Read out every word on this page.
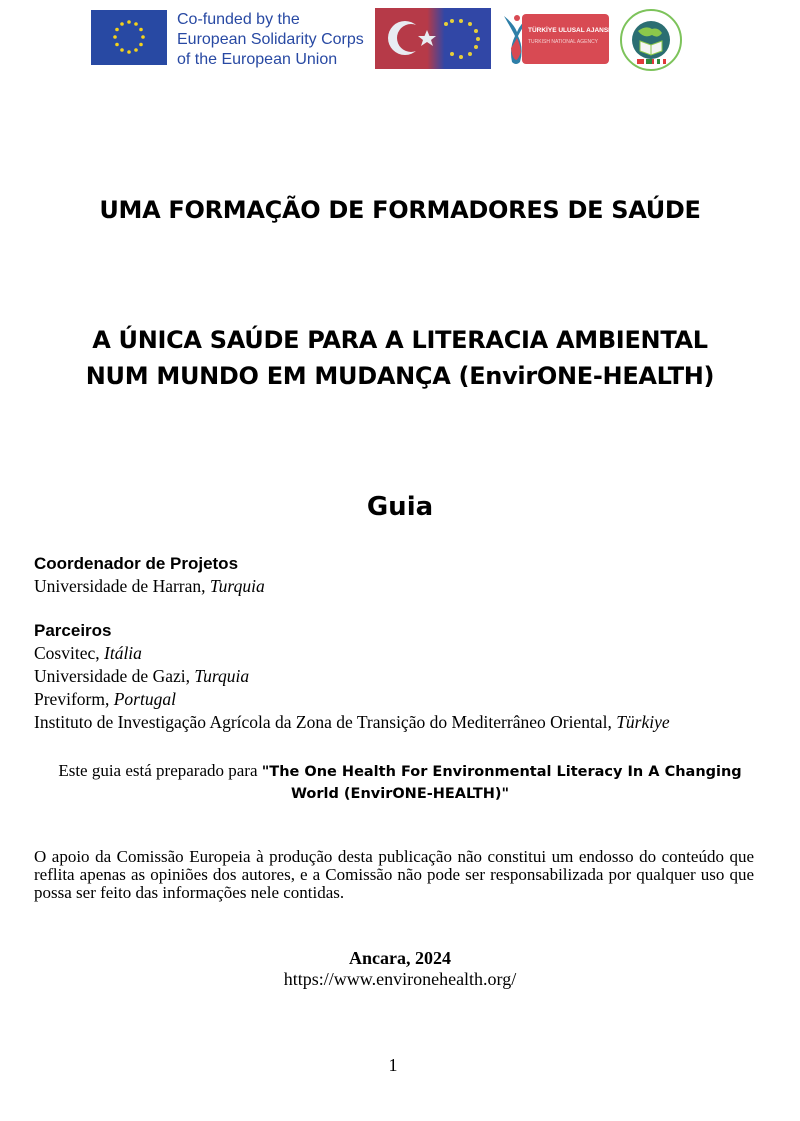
Co-funded by the
European Solidarity Corps
of the European Union
TÜRKİYE ULUSAL AJANSI
TURKISH NATIONAL AGENCY
UMA FORMAÇÃO DE FORMADORES DE SAÚDE
A ÚNICA SAÚDE PARA A LITERACIA AMBIENTAL
NUM MUNDO EM MUDANÇA (EnvirONE-HEALTH)
Guia
Coordenador de Projetos
Universidade de Harran, Turquia
Parceiros
Cosvitec, Itália
Universidade de Gazi, Turquia
Previform, Portugal
Instituto de Investigação Agrícola da Zona de Transição do Mediterrâneo Oriental, Türkiye
Este guia está preparado para "The One Health For Environmental Literacy In A Changing
World (EnvirONE-HEALTH)"
O apoio da Comissão Europeia à produção desta publicação não constitui um endosso do conteúdo que reflita apenas as opiniões dos autores, e a Comissão não pode ser responsabilizada por qualquer uso que possa ser feito das informações nele contidas.
Ancara, 2024
https://www.environehealth.org/
1
